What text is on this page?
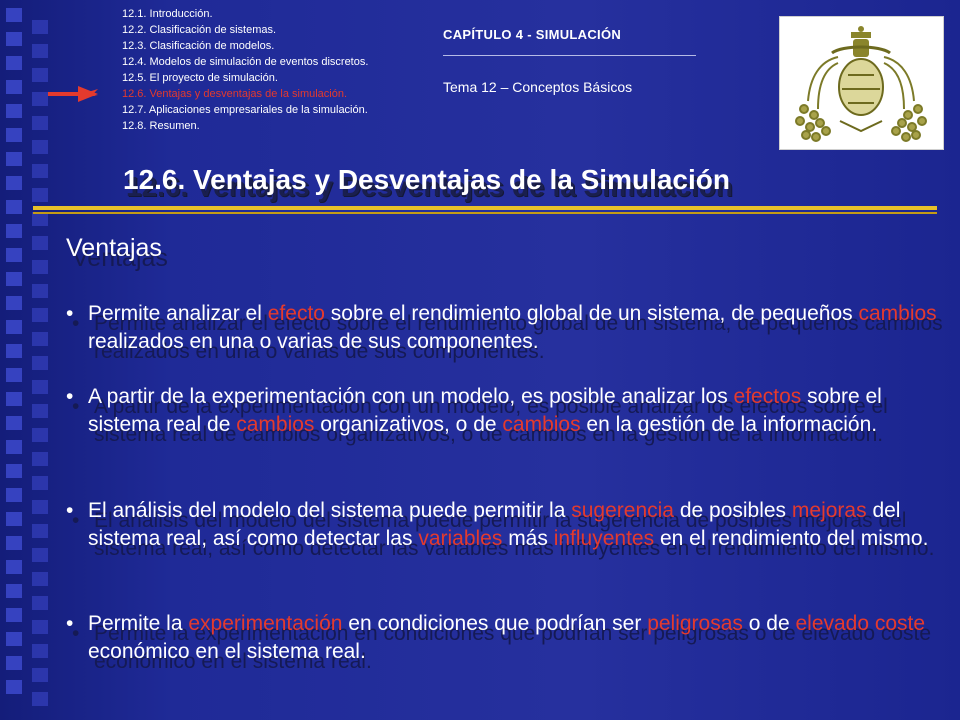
12.1. Introducción.
12.2. Clasificación de sistemas.
12.3. Clasificación de modelos.
12.4. Modelos de simulación de eventos discretos.
12.5. El proyecto de simulación.
12.6. Ventajas y desventajas de la simulación.
12.7. Aplicaciones empresariales de la simulación.
12.8. Resumen.
CAPÍTULO 4 - SIMULACIÓN
Tema 12 – Conceptos Básicos
12.6. Ventajas y Desventajas de la Simulación
Ventajas
• Permite analizar el efecto sobre el rendimiento global de un sistema, de pequeños cambios realizados en una o varias de sus componentes.
• A partir de la experimentación con un modelo, es posible analizar los efectos sobre el sistema real de cambios organizativos, o de cambios en la gestión de la información.
• El análisis del modelo del sistema puede permitir la sugerencia de posibles mejoras del sistema real, así como detectar las variables más influyentes en el rendimiento del mismo.
• Permite la experimentación en condiciones que podrían ser peligrosas o de elevado coste económico en el sistema real.
